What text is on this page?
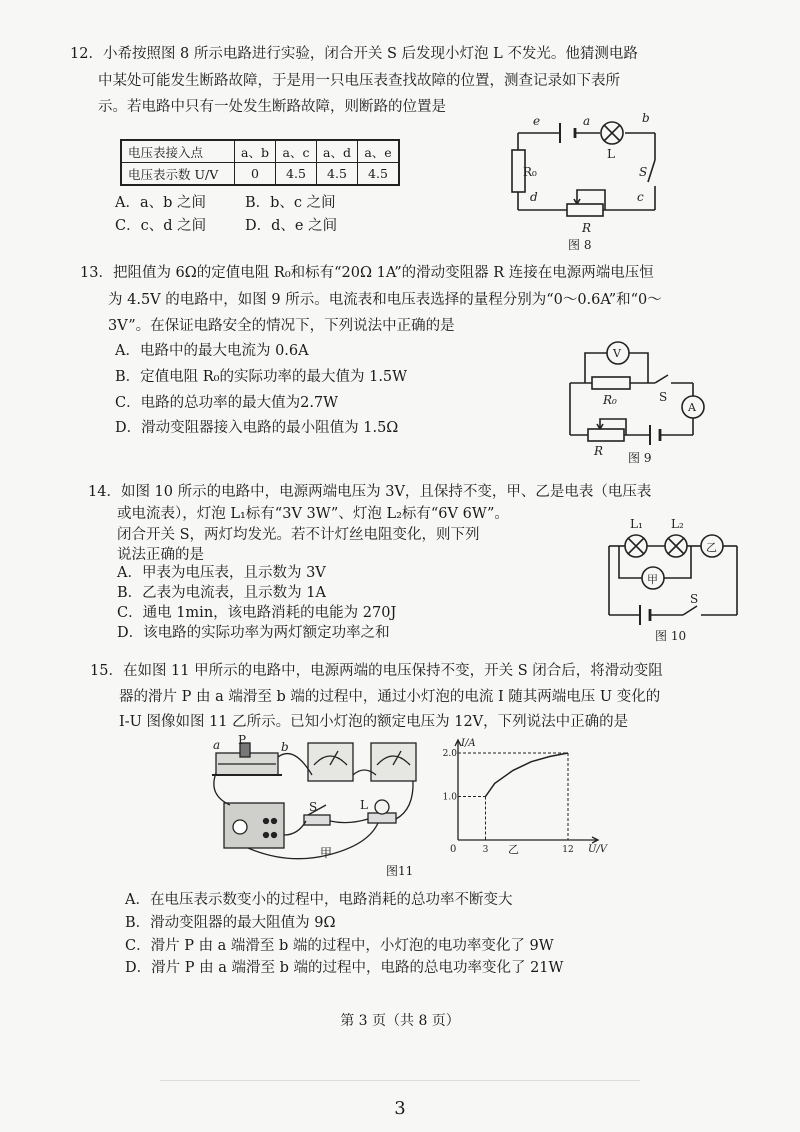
12．小希按照图 8 所示电路进行实验，闭合开关 S 后发现小灯泡 L 不发光。他猜测电路
中某处可能发生断路故障，于是用一只电压表查找故障的位置，测查记录如下表所
示。若电路中只有一处发生断路故障，则断路的位置是
电压表接入点	a、b	a、c	a、d	a、e
电压表示数 U/V	0	4.5	4.5	4.5
A．a、b 之间	B．b、c 之间
C．c、d 之间	D．d、e 之间
e	a	b
L
R₀	S
d	c
R
图 8
13．把阻值为 6Ω的定值电阻 R₀和标有“20Ω 1A”的滑动变阻器 R 连接在电源两端电压恒
为 4.5V 的电路中，如图 9 所示。电流表和电压表选择的量程分别为“0～0.6A”和“0～
3V”。在保证电路安全的情况下，下列说法中正确的是
A．电路中的最大电流为 0.6A
B．定值电阻 R₀的实际功率的最大值为 1.5W
C．电路的总功率的最大值为2.7W
D．滑动变阻器接入电路的最小阻值为 1.5Ω
V
R₀	S
A
R 图 9
14．如图 10 所示的电路中，电源两端电压为 3V，且保持不变，甲、乙是电表（电压表
或电流表），灯泡 L₁标有“3V 3W”、灯泡 L₂标有“6V 6W”。
闭合开关 S，两灯均发光。若不计灯丝电阻变化，则下列
说法正确的是
A．甲表为电压表，且示数为 3V
B．乙表为电流表，且示数为 1A
C．通电 1min，该电路消耗的电能为 270J
D．该电路的实际功率为两灯额定功率之和
L₁ L₂
乙
甲
S
图 10
15．在如图 11 甲所示的电路中，电源两端的电压保持不变，开关 S 闭合后，将滑动变阻
器的滑片 P 由 a 端滑至 b 端的过程中，通过小灯泡的电流 I 随其两端电压 U 变化的
I-U 图像如图 11 乙所示。已知小灯泡的额定电压为 12V，下列说法中正确的是
P
a	b
S	L
甲
2.0
1.0
3	12
I/A
U/V
0	乙
图11
A．在电压表示数变小的过程中，电路消耗的总功率不断变大
B．滑动变阻器的最大阻值为 9Ω
C．滑片 P 由 a 端滑至 b 端的过程中，小灯泡的电功率变化了 9W
D．滑片 P 由 a 端滑至 b 端的过程中，电路的总电功率变化了 21W
第 3 页（共 8 页）
3
